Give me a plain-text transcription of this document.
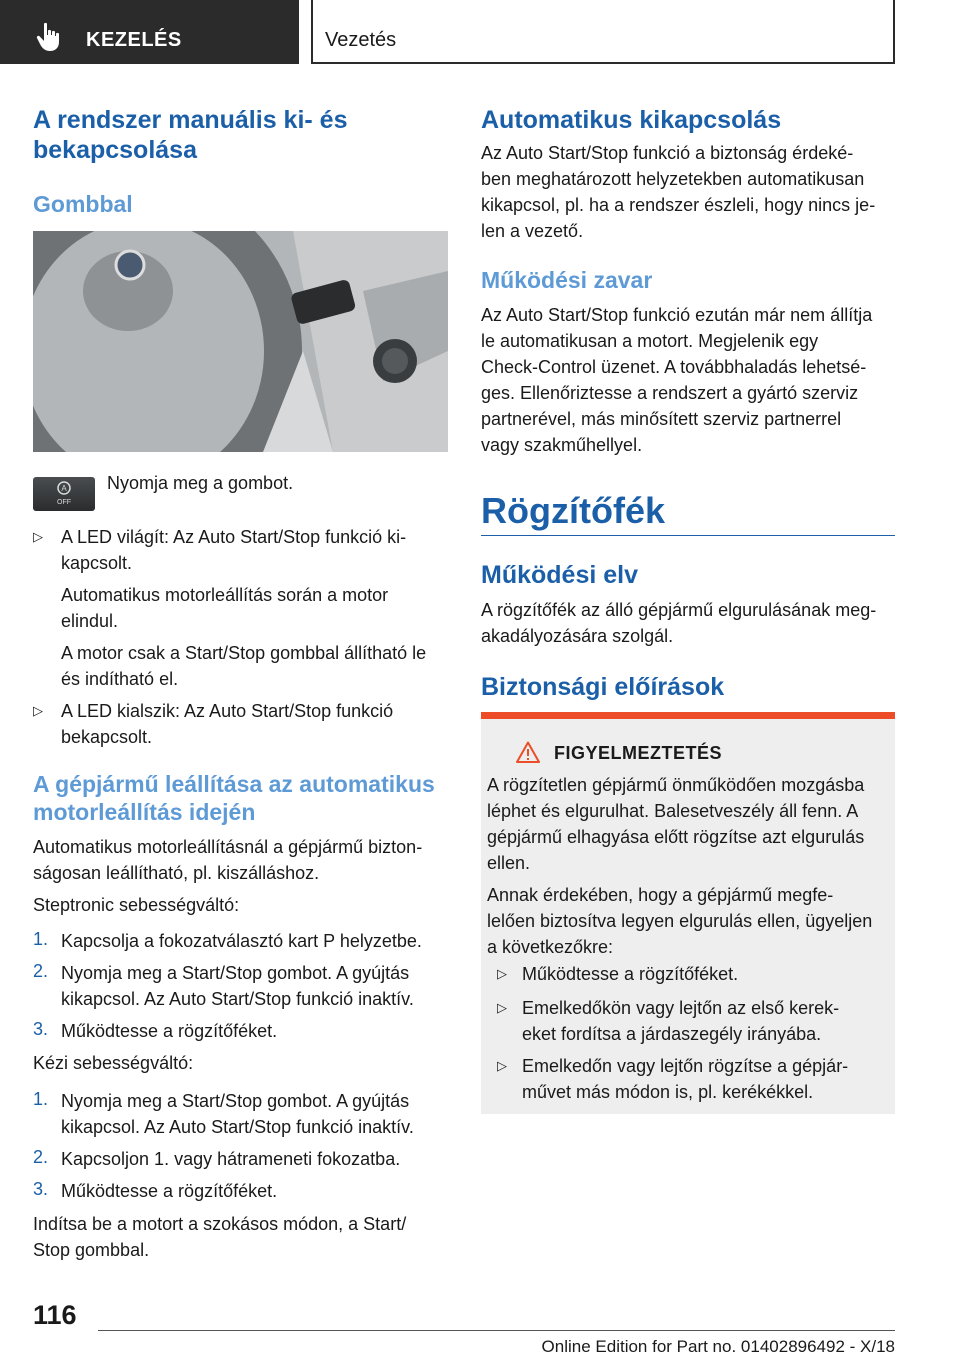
KEZELÉS	Vezetés
A rendszer manuális ki- és bekapcsolása
Gombbal
A
OFF
Nyomja meg a gombot.
▷ A LED világít: Az Auto Start/Stop funkció ki-
kapcsolt.
Automatikus motorleállítás során a motor
elindul.
A motor csak a Start/Stop gombbal állítható le
és indítható el.
▷ A LED kialszik: Az Auto Start/Stop funkció
bekapcsolt.
A gépjármű leállítása az automatikus
motorleállítás idején
Automatikus motorleállításnál a gépjármű bizton-
ságosan leállítható, pl. kiszálláshoz.
Steptronic sebességváltó:
1. Kapcsolja a fokozatválasztó kart P helyzetbe.
2. Nyomja meg a Start/Stop gombot. A gyújtás
kikapcsol. Az Auto Start/Stop funkció inaktív.
3. Működtesse a rögzítőféket.
Kézi sebességváltó:
1. Nyomja meg a Start/Stop gombot. A gyújtás
kikapcsol. Az Auto Start/Stop funkció inaktív.
2. Kapcsoljon 1. vagy hátrameneti fokozatba.
3. Működtesse a rögzítőféket.
Indítsa be a motort a szokásos módon, a Start/
Stop gombbal.
Automatikus kikapcsolás
Az Auto Start/Stop funkció a biztonság érdeké-
ben meghatározott helyzetekben automatikusan
kikapcsol, pl. ha a rendszer észleli, hogy nincs je-
len a vezető.
Működési zavar
Az Auto Start/Stop funkció ezután már nem állítja
le automatikusan a motort. Megjelenik egy
Check-Control üzenet. A továbbhaladás lehetsé-
ges. Ellenőriztesse a rendszert a gyártó szerviz
partnerével, más minősített szerviz partnerrel
vagy szakműhellyel.
Rögzítőfék
Működési elv
A rögzítőfék az álló gépjármű elgurulásának meg-
akadályozására szolgál.
Biztonsági előírások
FIGYELMEZTETÉS
A rögzítetlen gépjármű önműködően mozgásba
léphet és elgurulhat. Balesetveszély áll fenn. A
gépjármű elhagyása előtt rögzítse azt elgurulás
ellen.
Annak érdekében, hogy a gépjármű megfe-
lelően biztosítva legyen elgurulás ellen, ügyeljen
a következőkre:
▷ Működtesse a rögzítőféket.
▷ Emelkedőkön vagy lejtőn az első kerek-
eket fordítsa a járdaszegély irányába.
▷ Emelkedőn vagy lejtőn rögzítse a gépjár-
művet más módon is, pl. kerékékkel.
116
Online Edition for Part no. 01402896492 - X/18
